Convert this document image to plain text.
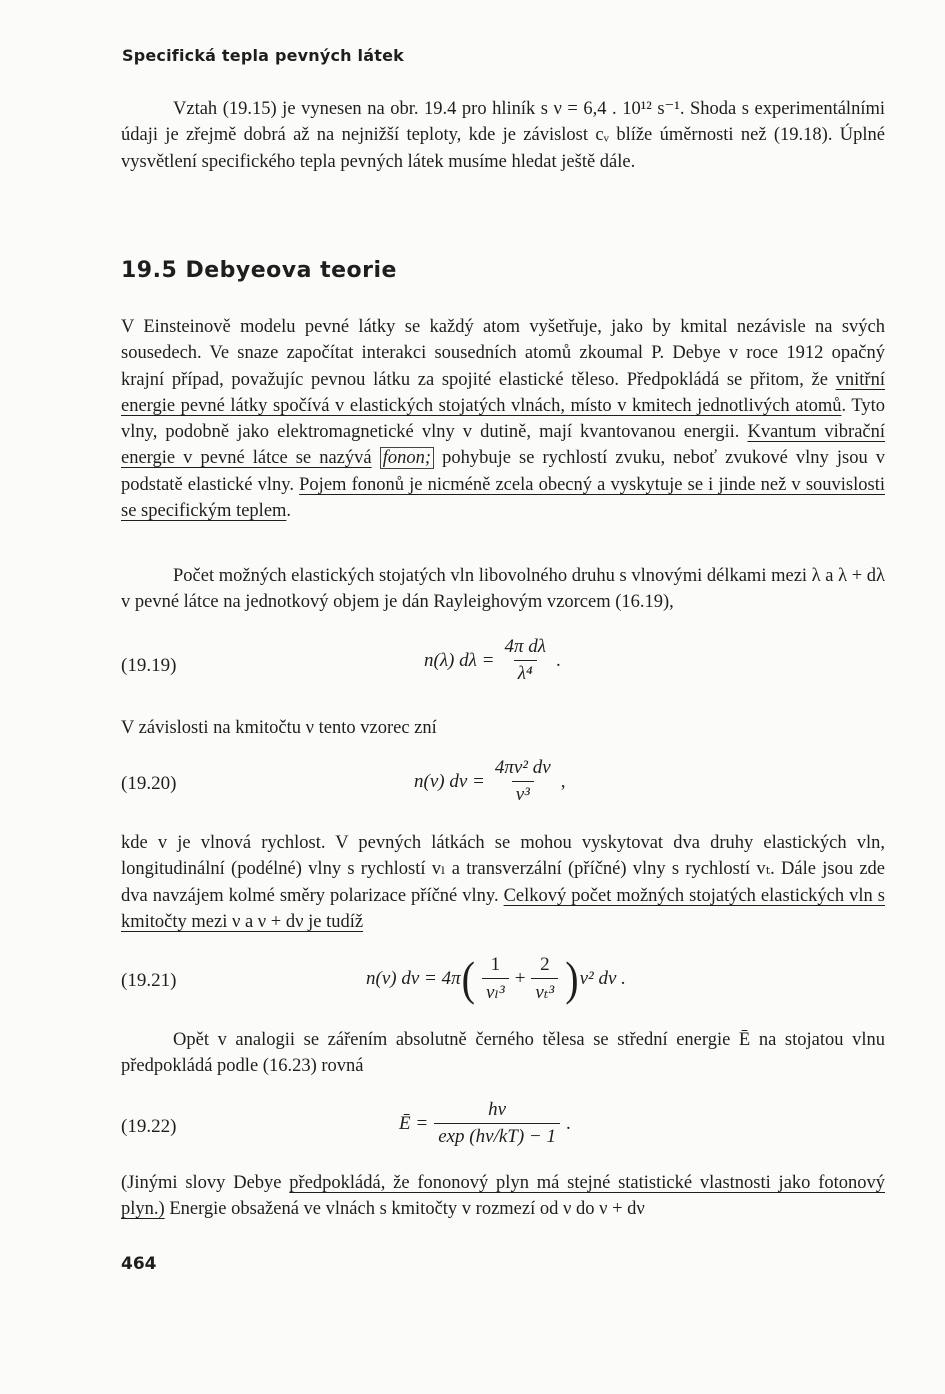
Specifická tepla pevných látek
Vztah (19.15) je vynesen na obr. 19.4 pro hliník s ν = 6,4 . 10¹² s⁻¹. Shoda s experimentálními údaji je zřejmě dobrá až na nejnižší teploty, kde je závislost cᵥ blíže úměrnosti než (19.18). Úplné vysvětlení specifického tepla pevných látek musíme hledat ještě dále.
19.5 Debyeova teorie

V Einsteinově modelu pevné látky se každý atom vyšetřuje, jako by kmital nezávisle na svých sousedech. Ve snaze započítat interakci sousedních atomů zkoumal P. Debye v roce 1912 opačný krajní případ, považujíc pevnou látku za spojité elastické těleso. Předpokládá se přitom, že vnitřní energie pevné látky spočívá v elastických stojatých vlnách, místo v kmitech jednotlivých atomů. Tyto vlny, podobně jako elektromagnetické vlny v dutině, mají kvantovanou energii. Kvantum vibrační energie v pevné látce se nazývá fonon; pohybuje se rychlostí zvuku, neboť zvukové vlny jsou v podstatě elastické vlny. Pojem fononů je nicméně zcela obecný a vyskytuje se i jinde než v souvislosti se specifickým teplem.

Počet možných elastických stojatých vln libovolného druhu s vlnovými délkami mezi λ a λ + dλ v pevné látce na jednotkový objem je dán Rayleighovým vzorcem (16.19),

(19.19)	n(λ) $d\lambda = \frac{\text{4π dλ}}{\text{λ⁴}}$ .

V závislosti na kmitočtu ν tento vzorec zní

(19.20)	n(ν) $d\nu = \frac{\text{4πν² dν}}{\text{v³}}$ ,

kde v je vlnová rychlost. V pevných látkách se mohou vyskytovat dva druhy elastických vln, longitudinální (podélné) vlny s rychlostí vₗ a transverzální (příčné) vlny s rychlostí vₜ. Dále jsou zde dva navzájem kolmé směry polarizace příčné vlny. Celkový počet možných stojatých elastických vln s kmitočty mezi ν a ν + dν je tudíž

(19.21)	n(ν) dν = 4π ( $\frac{1}{\text{vₗ³}} + \frac{2}{\text{vₜ³}}$ ) ν² dν .

Opět v analogii se zářením absolutně černého tělesa se střední energie Ē na stojatou vlnu předpokládá podle (16.23) rovná

(19.22)	Ē = $\frac{h\nu}{\exp (h\nu/kT) - 1}$ .

(Jinými slovy Debye předpokládá, že fononový plyn má stejné statistické vlastnosti jako fotonový plyn.) Energie obsažená ve vlnách s kmitočty v rozmezí od ν do ν + dν

464
